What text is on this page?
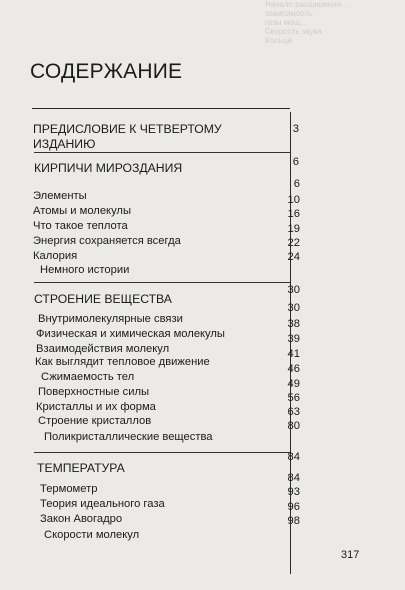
Начало расширения…
зависимость
газы мощ…
Скорость звука
Кольца
СОДЕРЖАНИЕ
ПРЕДИСЛОВИЕ К ЧЕТВЕРТОМУ
ИЗДАНИЮ
3
КИРПИЧИ МИРОЗДАНИЯ	6
Элементы
6
Атомы и молекулы
10
Что такое теплота
16
Энергия сохраняется всегда
19
Калория
22
Немного истории
24
СТРОЕНИЕ ВЕЩЕСТВА
30
Внутримолекулярные связи
30
Физическая и химическая молекулы
38
Взаимодействия молекул
39
Как выглядит тепловое движение
41
Сжимаемость тел
46
Поверхностные силы
49
Кристаллы и их форма
56
Строение кристаллов
63
Поликристаллические вещества
80
ТЕМПЕРАТУРА
84
Термометр
84
Теория идеального газа
93
Закон Авогадро
96
Скорости молекул
98
317
